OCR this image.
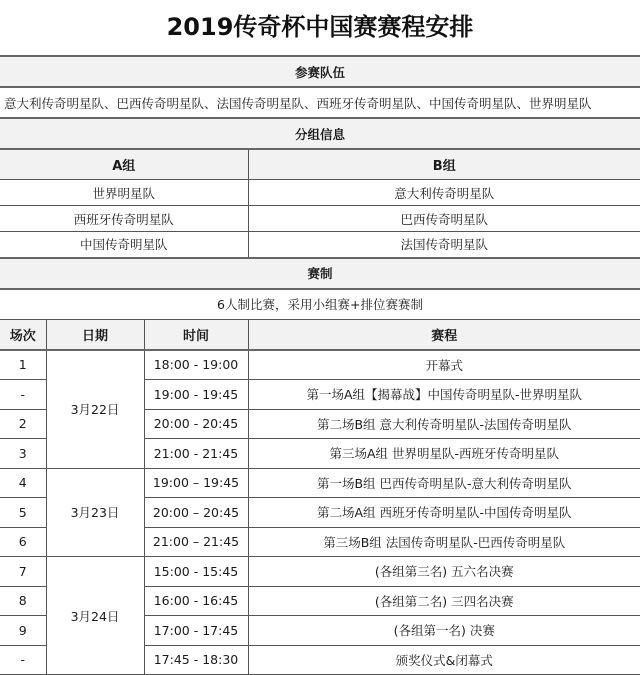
2019传奇杯中国赛赛程安排
参赛队伍			
意大利传奇明星队、巴西传奇明星队、法国传奇明星队、西班牙传奇明星队、中国传奇明星队、世界明星队			
分组信息			
A组			B组
世界明星队			意大利传奇明星队
西班牙传奇明星队			巴西传奇明星队
中国传奇明星队			法国传奇明星队
赛制			
6人制比赛，采用小组赛+排位赛赛制			
场次	日期	时间	赛程
1	3月22日	18:00 - 19:00	开幕式
-		19:00 - 19:45	第一场A组【揭幕战】中国传奇明星队-世界明星队
2		20:00 - 20:45	第二场B组 意大利传奇明星队-法国传奇明星队
3		21:00 - 21:45	第三场A组 世界明星队-西班牙传奇明星队
4	3月23日	19:00 – 19:45	第一场B组 巴西传奇明星队-意大利传奇明星队
5		20:00 – 20:45	第二场A组 西班牙传奇明星队-中国传奇明星队
6		21:00 – 21:45	第三场B组 法国传奇明星队-巴西传奇明星队
7	3月24日	15:00 - 15:45	(各组第三名) 五六名决赛
8		16:00 - 16:45	(各组第二名) 三四名决赛
9		17:00 - 17:45	(各组第一名) 决赛
-		17:45 - 18:30	颁奖仪式&闭幕式
